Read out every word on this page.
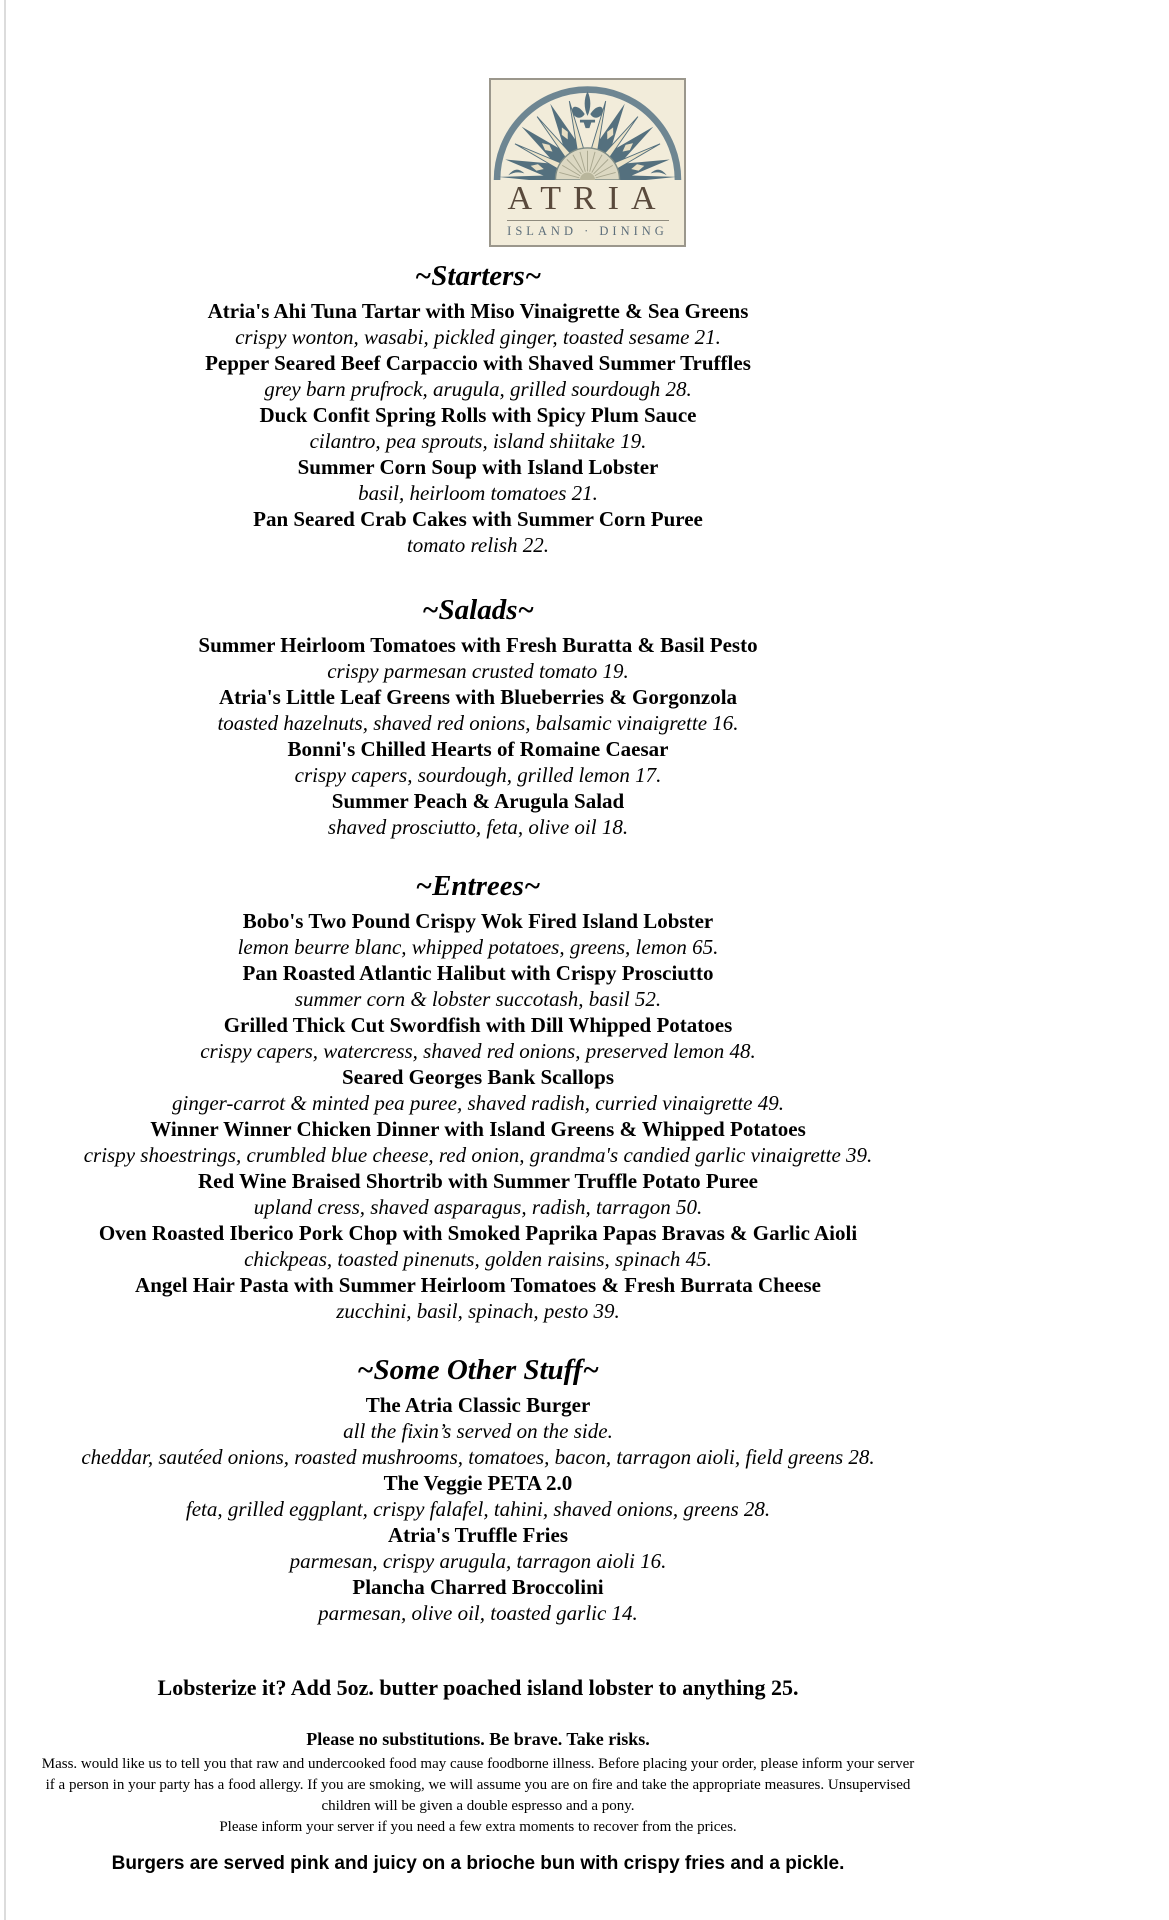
ATRIA
ISLAND · DINING
~Starters~
Atria's Ahi Tuna Tartar with Miso Vinaigrette & Sea Greens
crispy wonton, wasabi, pickled ginger, toasted sesame 21.
Pepper Seared Beef Carpaccio with Shaved Summer Truffles
grey barn prufrock, arugula, grilled sourdough 28.
Duck Confit Spring Rolls with Spicy Plum Sauce
cilantro, pea sprouts, island shiitake 19.
Summer Corn Soup with Island Lobster
basil, heirloom tomatoes 21.
Pan Seared Crab Cakes with Summer Corn Puree
tomato relish 22.
~Salads~
Summer Heirloom Tomatoes with Fresh Buratta & Basil Pesto
crispy parmesan crusted tomato 19.
Atria's Little Leaf Greens with Blueberries & Gorgonzola
toasted hazelnuts, shaved red onions, balsamic vinaigrette 16.
Bonni's Chilled Hearts of Romaine Caesar
crispy capers, sourdough, grilled lemon 17.
Summer Peach & Arugula Salad
shaved prosciutto, feta, olive oil 18.
~Entrees~
Bobo's Two Pound Crispy Wok Fired Island Lobster
lemon beurre blanc, whipped potatoes, greens, lemon 65.
Pan Roasted Atlantic Halibut with Crispy Prosciutto
summer corn & lobster succotash, basil 52.
Grilled Thick Cut Swordfish with Dill Whipped Potatoes
crispy capers, watercress, shaved red onions, preserved lemon 48.
Seared Georges Bank Scallops
ginger-carrot & minted pea puree, shaved radish, curried vinaigrette 49.
Winner Winner Chicken Dinner with Island Greens & Whipped Potatoes
crispy shoestrings, crumbled blue cheese, red onion, grandma's candied garlic vinaigrette 39.
Red Wine Braised Shortrib with Summer Truffle Potato Puree
upland cress, shaved asparagus, radish, tarragon 50.
Oven Roasted Iberico Pork Chop with Smoked Paprika Papas Bravas & Garlic Aioli
chickpeas, toasted pinenuts, golden raisins, spinach 45.
Angel Hair Pasta with Summer Heirloom Tomatoes & Fresh Burrata Cheese
zucchini, basil, spinach, pesto 39.
~Some Other Stuff~
The Atria Classic Burger
all the fixin’s served on the side.
cheddar, sautéed onions, roasted mushrooms, tomatoes, bacon, tarragon aioli, field greens 28.
The Veggie PETA 2.0
feta, grilled eggplant, crispy falafel, tahini, shaved onions, greens 28.
Atria's Truffle Fries
parmesan, crispy arugula, tarragon aioli 16.
Plancha Charred Broccolini
parmesan, olive oil, toasted garlic 14.
Lobsterize it? Add 5oz. butter poached island lobster to anything 25.
Please no substitutions. Be brave. Take risks.
Mass. would like us to tell you that raw and undercooked food may cause foodborne illness. Before placing your order, please inform your server
if a person in your party has a food allergy. If you are smoking, we will assume you are on fire and take the appropriate measures. Unsupervised
children will be given a double espresso and a pony.
Please inform your server if you need a few extra moments to recover from the prices.
Burgers are served pink and juicy on a brioche bun with crispy fries and a pickle.
